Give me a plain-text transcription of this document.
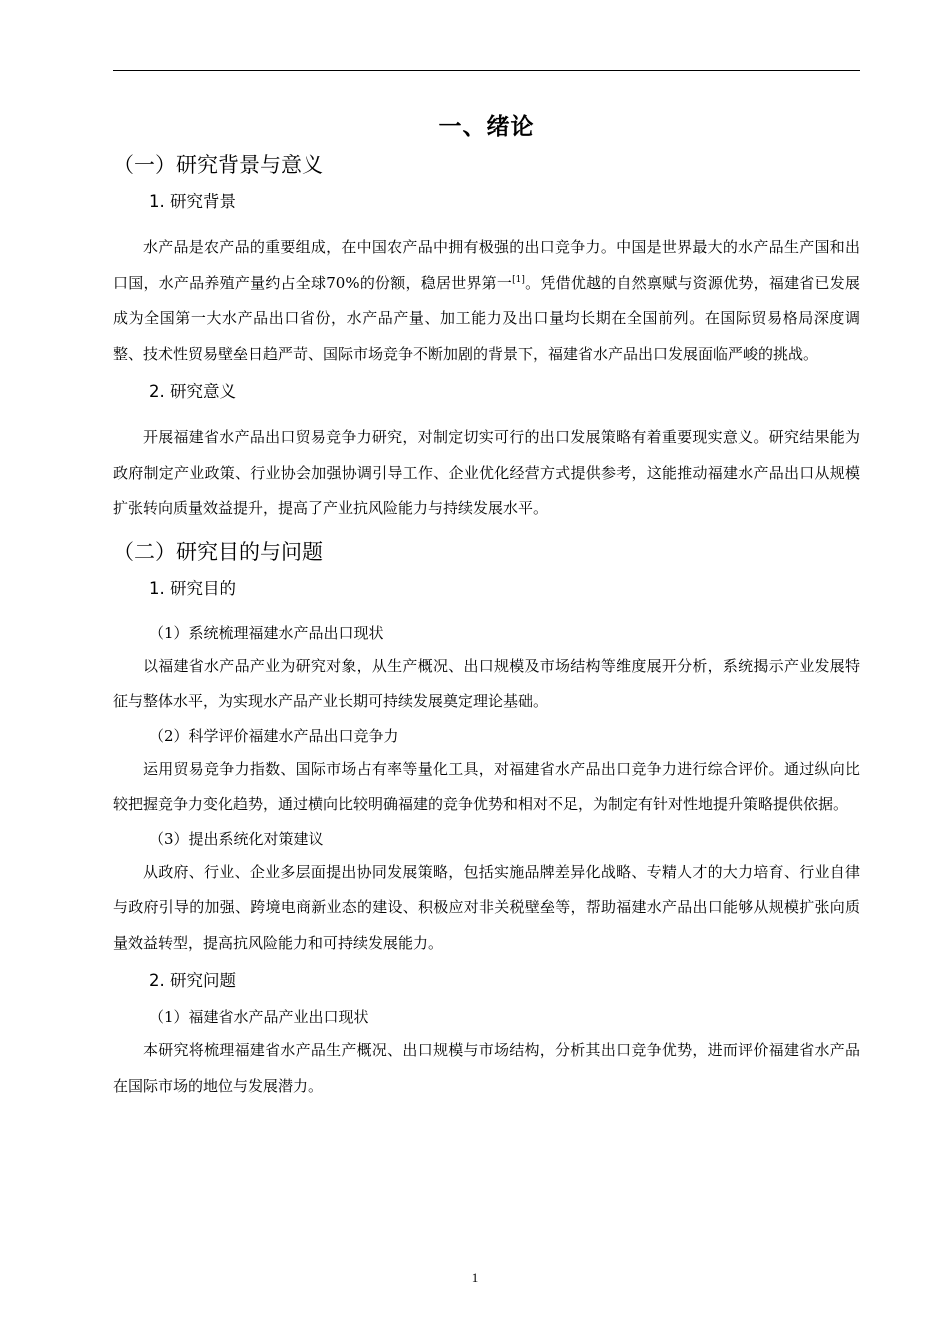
一、绪论
（一）研究背景与意义
1. 研究背景

水产品是农产品的重要组成，在中国农产品中拥有极强的出口竞争力。中国是世界最大的水产品生产国和出口国，水产品养殖产量约占全球70%的份额，稳居世界第一[1]。凭借优越的自然禀赋与资源优势，福建省已发展成为全国第一大水产品出口省份，水产品产量、加工能力及出口量均长期在全国前列。在国际贸易格局深度调整、技术性贸易壁垒日趋严苛、国际市场竞争不断加剧的背景下，福建省水产品出口发展面临严峻的挑战。

2. 研究意义

开展福建省水产品出口贸易竞争力研究，对制定切实可行的出口发展策略有着重要现实意义。研究结果能为政府制定产业政策、行业协会加强协调引导工作、企业优化经营方式提供参考，这能推动福建水产品出口从规模扩张转向质量效益提升，提高了产业抗风险能力与持续发展水平。

（二）研究目的与问题
1. 研究目的
（1）系统梳理福建水产品出口现状

以福建省水产品产业为研究对象，从生产概况、出口规模及市场结构等维度展开分析，系统揭示产业发展特征与整体水平，为实现水产品产业长期可持续发展奠定理论基础。

（2）科学评价福建水产品出口竞争力

运用贸易竞争力指数、国际市场占有率等量化工具，对福建省水产品出口竞争力进行综合评价。通过纵向比较把握竞争力变化趋势，通过横向比较明确福建的竞争优势和相对不足，为制定有针对性地提升策略提供依据。

（3）提出系统化对策建议

从政府、行业、企业多层面提出协同发展策略，包括实施品牌差异化战略、专精人才的大力培育、行业自律与政府引导的加强、跨境电商新业态的建设、积极应对非关税壁垒等，帮助福建水产品出口能够从规模扩张向质量效益转型，提高抗风险能力和可持续发展能力。

2. 研究问题
（1）福建省水产品产业出口现状

本研究将梳理福建省水产品生产概况、出口规模与市场结构，分析其出口竞争优势，进而评价福建省水产品在国际市场的地位与发展潜力。

1
